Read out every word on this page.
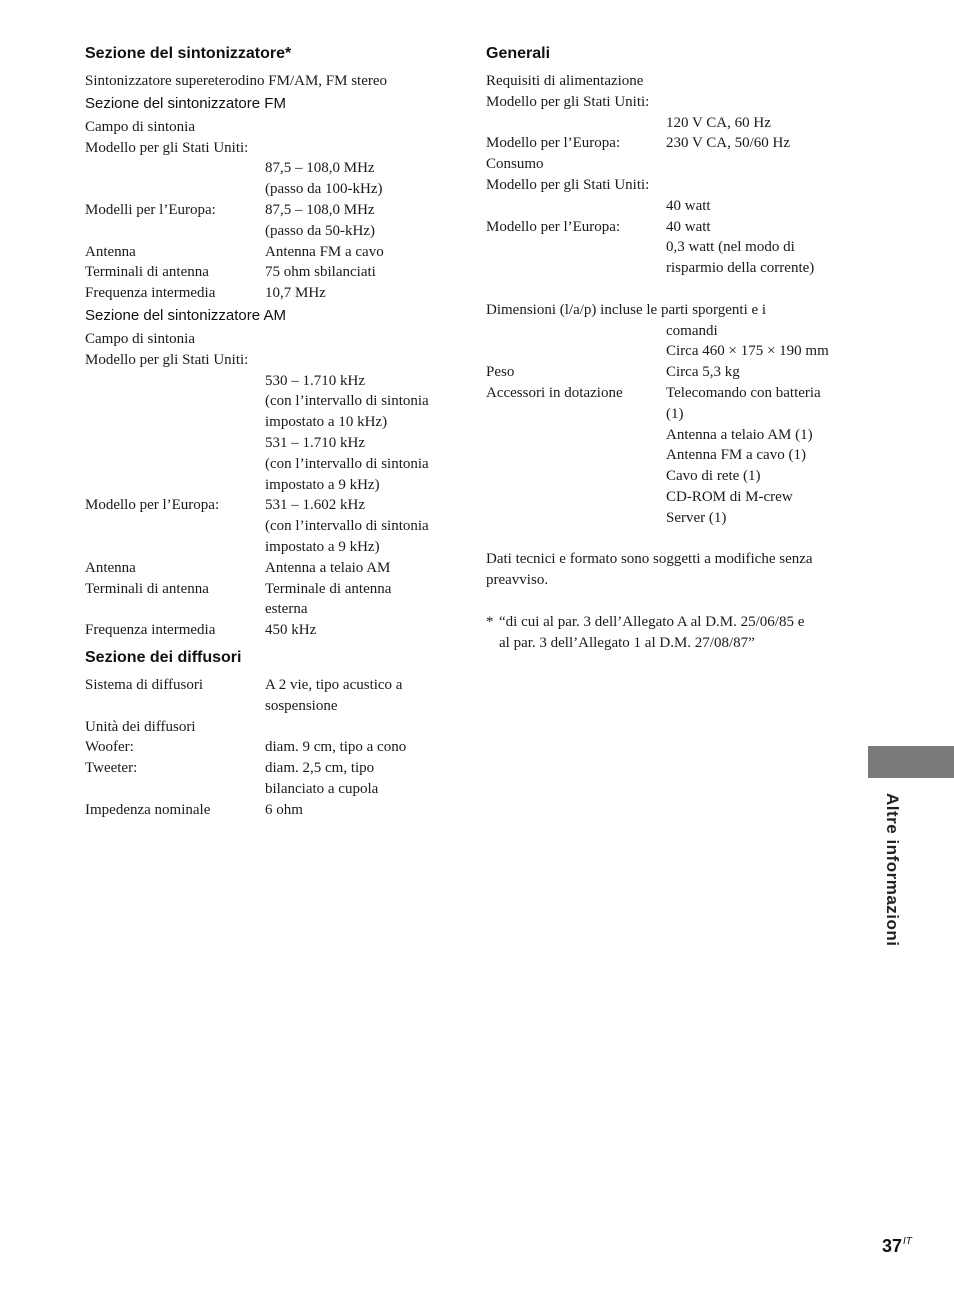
Sezione del sintonizzatore*
Sintonizzatore supereterodino FM/AM, FM stereo
Sezione del sintonizzatore FM
Campo di sintonia
Modello per gli Stati Uniti:
87,5 – 108,0 MHz
(passo da 100-kHz)
Modelli per l’Europa:	87,5 – 108,0 MHz
(passo da 50-kHz)
Antenna	Antenna FM a cavo
Terminali di antenna	75 ohm sbilanciati
Frequenza intermedia	10,7 MHz
Sezione del sintonizzatore AM
Campo di sintonia
Modello per gli Stati Uniti:
530 – 1.710 kHz
(con l’intervallo di sintonia
impostato a 10 kHz)
531 – 1.710 kHz
(con l’intervallo di sintonia
impostato a 9 kHz)
Modello per l’Europa:	531 – 1.602 kHz
(con l’intervallo di sintonia
impostato a 9 kHz)
Antenna	Antenna a telaio AM
Terminali di antenna	Terminale di antenna
esterna
Frequenza intermedia	450 kHz
Sezione dei diffusori
Sistema di diffusori	A 2 vie, tipo acustico a
sospensione
Unità dei diffusori
Woofer:	diam. 9 cm, tipo a cono
Tweeter:	diam. 2,5 cm, tipo
bilanciato a cupola
Impedenza nominale	6 ohm
Generali
Requisiti di alimentazione
Modello per gli Stati Uniti:
120 V CA, 60 Hz
Modello per l’Europa:	230 V CA, 50/60 Hz
Consumo
Modello per gli Stati Uniti:
40 watt
Modello per l’Europa:	40 watt
0,3 watt (nel modo di
risparmio della corrente)
Dimensioni (l/a/p) incluse le parti sporgenti e i
comandi
Circa 460 × 175 × 190 mm
Peso	Circa 5,3 kg
Accessori in dotazione	Telecomando con batteria
(1)
Antenna a telaio AM (1)
Antenna FM a cavo (1)
Cavo di rete (1)
CD-ROM di M-crew
Server (1)
Dati tecnici e formato sono soggetti a modifiche senza
preavviso.
* “di cui al par. 3 dell’Allegato A al D.M. 25/06/85 e
al par. 3 dell’Allegato 1 al D.M. 27/08/87”
Altre informazioni
$37^{IT}$
